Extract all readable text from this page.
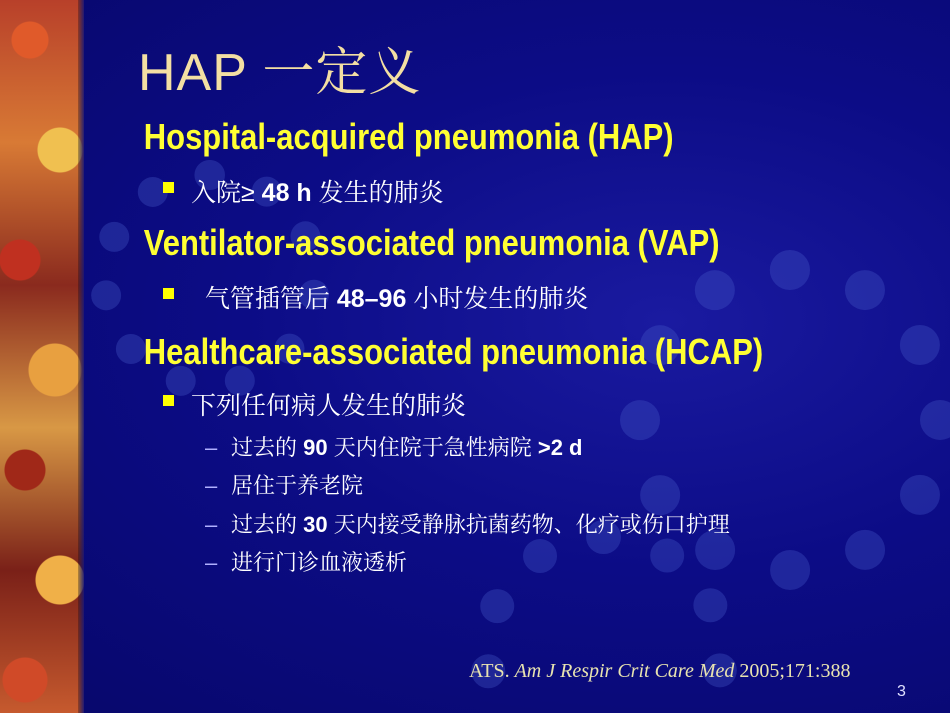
HAP 一定义
Hospital-acquired pneumonia (HAP)
入院≥ 48 h 发生的肺炎
Ventilator-associated pneumonia (VAP)
气管插管后 48–96 小时发生的肺炎
Healthcare-associated pneumonia (HCAP)
下列任何病人发生的肺炎
– 过去的 90 天内住院于急性病院 >2 d
– 居住于养老院
– 过去的 30 天内接受静脉抗菌药物、化疗或伤口护理
– 进行门诊血液透析
ATS. Am J Respir Crit Care Med 2005;171:388
3
